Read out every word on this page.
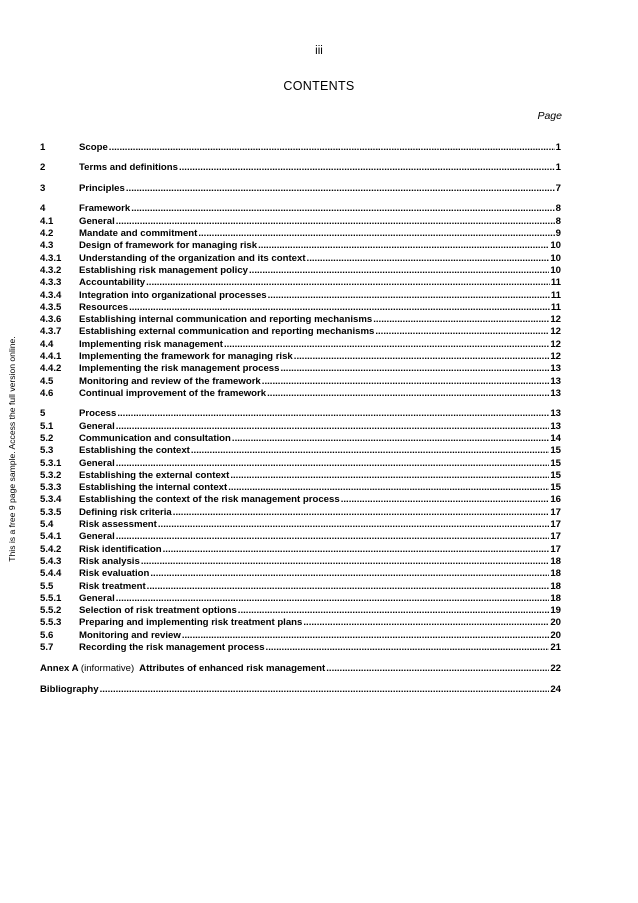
This is a free 9 page sample. Access the full version online.
iii
CONTENTS
Page
1	Scope .....	1
2	Terms and definitions .....	1
3	Principles .....	7
4	Framework .....	8
4.1	General .....	8
4.2	Mandate and commitment .....	9
4.3	Design of framework for managing risk .....	10
4.3.1	Understanding of the organization and its context .....	10
4.3.2	Establishing risk management policy .....	10
4.3.3	Accountability .....	11
4.3.4	Integration into organizational processes .....	11
4.3.5	Resources .....	11
4.3.6	Establishing internal communication and reporting mechanisms .....	12
4.3.7	Establishing external communication and reporting mechanisms .....	12
4.4	Implementing risk management .....	12
4.4.1	Implementing the framework for managing risk .....	12
4.4.2	Implementing the risk management process .....	13
4.5	Monitoring and review of the framework .....	13
4.6	Continual improvement of the framework .....	13
5	Process .....	13
5.1	General .....	13
5.2	Communication and consultation .....	14
5.3	Establishing the context .....	15
5.3.1	General .....	15
5.3.2	Establishing the external context .....	15
5.3.3	Establishing the internal context .....	15
5.3.4	Establishing the context of the risk management process .....	16
5.3.5	Defining risk criteria .....	17
5.4	Risk assessment .....	17
5.4.1	General .....	17
5.4.2	Risk identification .....	17
5.4.3	Risk analysis .....	18
5.4.4	Risk evaluation .....	18
5.5	Risk treatment .....	18
5.5.1	General .....	18
5.5.2	Selection of risk treatment options .....	19
5.5.3	Preparing and implementing risk treatment plans .....	20
5.6	Monitoring and review .....	20
5.7	Recording the risk management process .....	21
Annex A (informative) Attributes of enhanced risk management .....	22
Bibliography .....	24
